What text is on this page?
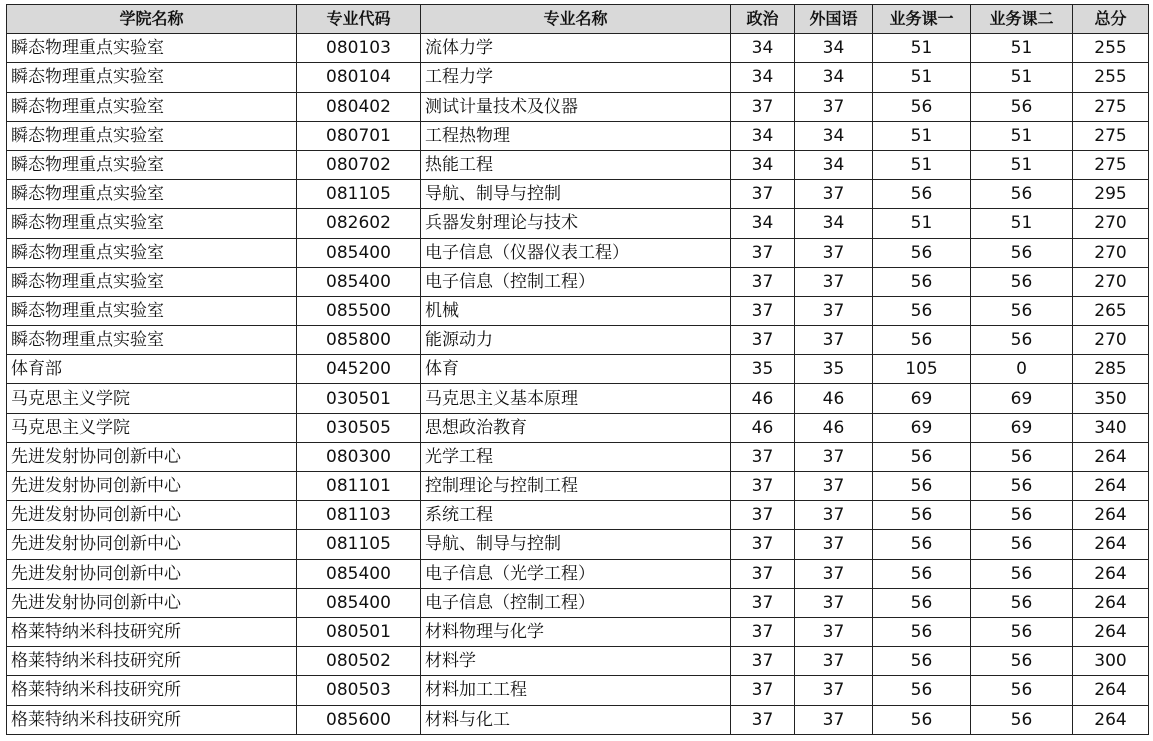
学院名称	专业代码	专业名称	政治	外国语	业务课一	业务课二	总分
瞬态物理重点实验室	080103	流体力学	34	34	51	51	255
瞬态物理重点实验室	080104	工程力学	34	34	51	51	255
瞬态物理重点实验室	080402	测试计量技术及仪器	37	37	56	56	275
瞬态物理重点实验室	080701	工程热物理	34	34	51	51	275
瞬态物理重点实验室	080702	热能工程	34	34	51	51	275
瞬态物理重点实验室	081105	导航、制导与控制	37	37	56	56	295
瞬态物理重点实验室	082602	兵器发射理论与技术	34	34	51	51	270
瞬态物理重点实验室	085400	电子信息（仪器仪表工程）	37	37	56	56	270
瞬态物理重点实验室	085400	电子信息（控制工程）	37	37	56	56	270
瞬态物理重点实验室	085500	机械	37	37	56	56	265
瞬态物理重点实验室	085800	能源动力	37	37	56	56	270
体育部	045200	体育	35	35	105	0	285
马克思主义学院	030501	马克思主义基本原理	46	46	69	69	350
马克思主义学院	030505	思想政治教育	46	46	69	69	340
先进发射协同创新中心	080300	光学工程	37	37	56	56	264
先进发射协同创新中心	081101	控制理论与控制工程	37	37	56	56	264
先进发射协同创新中心	081103	系统工程	37	37	56	56	264
先进发射协同创新中心	081105	导航、制导与控制	37	37	56	56	264
先进发射协同创新中心	085400	电子信息（光学工程）	37	37	56	56	264
先进发射协同创新中心	085400	电子信息（控制工程）	37	37	56	56	264
格莱特纳米科技研究所	080501	材料物理与化学	37	37	56	56	264
格莱特纳米科技研究所	080502	材料学	37	37	56	56	300
格莱特纳米科技研究所	080503	材料加工工程	37	37	56	56	264
格莱特纳米科技研究所	085600	材料与化工	37	37	56	56	264
